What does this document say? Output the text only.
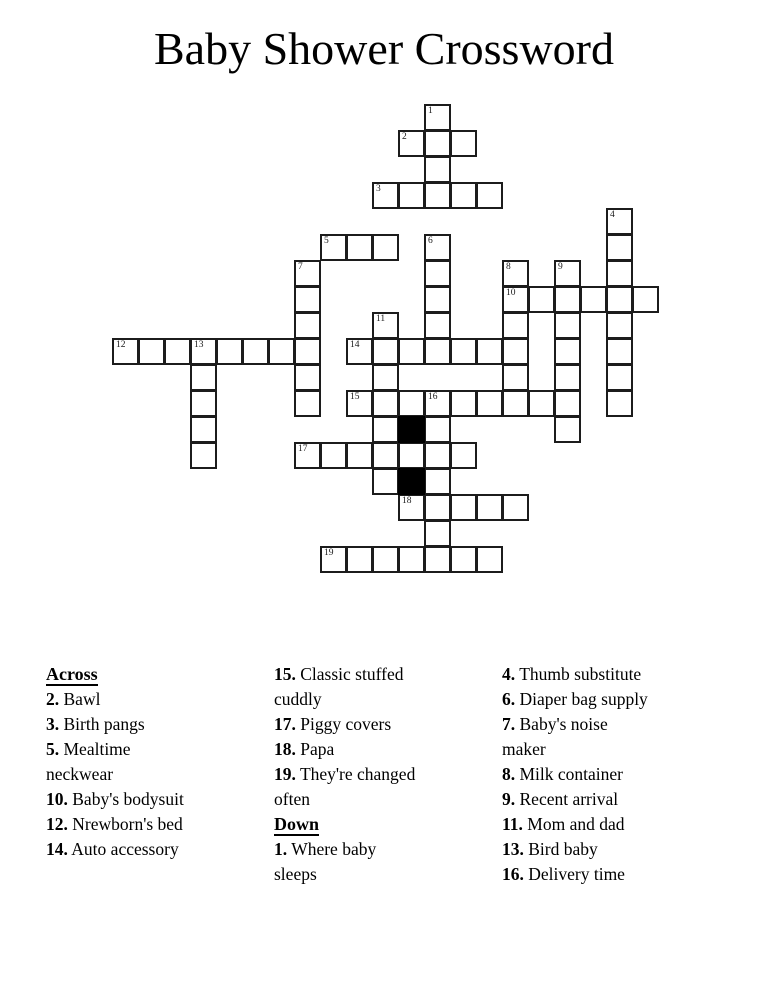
Baby Shower Crossword
1
2
3
4
5	6
7	8	9
10
11
12	13	14
15	16
17
18
19
Across
2. Bawl
3. Birth pangs
5. Mealtime
neckwear
10. Baby's bodysuit
12. Nrewborn's bed
14. Auto accessory
15. Classic stuffed
cuddly
17. Piggy covers
18. Papa
19. They're changed
often
Down
1. Where baby
sleeps
4. Thumb substitute
6. Diaper bag supply
7. Baby's noise
maker
8. Milk container
9. Recent arrival
11. Mom and dad
13. Bird baby
16. Delivery time
